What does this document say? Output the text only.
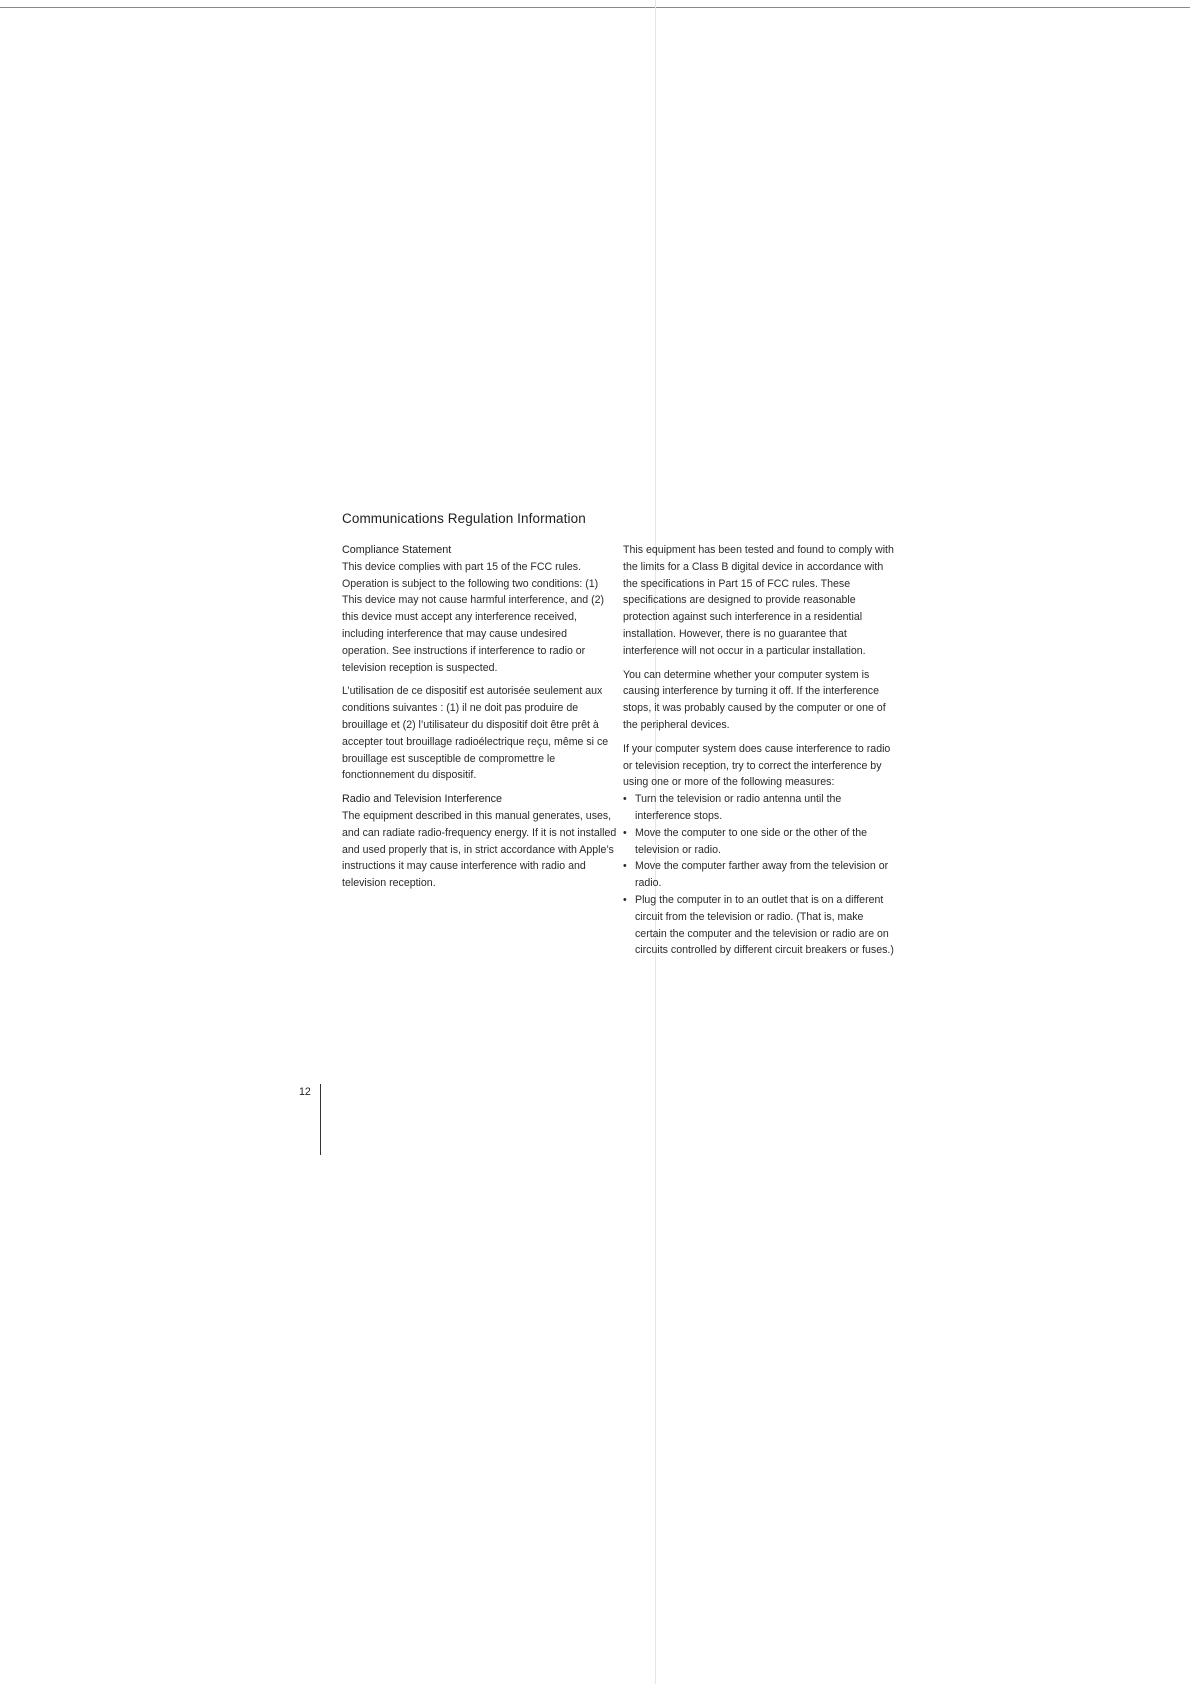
Communications Regulation Information

Compliance Statement

This device complies with part 15 of the FCC rules. Operation is subject to the following two conditions: (1) This device may not cause harmful interference, and (2) this device must accept any interference received, including interference that may cause undesired operation. See instructions if interference to radio or television reception is suspected.

L’utilisation de ce dispositif est autorisée seulement aux conditions suivantes : (1) il ne doit pas produire de brouillage et (2) l’utilisateur du dispositif doit être prêt à accepter tout brouillage radioélectrique reçu, même si ce brouillage est susceptible de compromettre le fonctionnement du dispositif.

Radio and Television Interference

The equipment described in this manual generates, uses, and can radiate radio-frequency energy. If it is not installed and used properly that is, in strict accordance with Apple’s instructions it may cause interference with radio and television reception.

This equipment has been tested and found to comply with the limits for a Class B digital device in accordance with the specifications in Part 15 of FCC rules. These specifications are designed to provide reasonable protection against such interference in a residential installation. However, there is no guarantee that interference will not occur in a particular installation.

You can determine whether your computer system is causing interference by turning it off. If the interference stops, it was probably caused by the computer or one of the peripheral devices.

If your computer system does cause interference to radio or television reception, try to correct the interference by using one or more of the following measures:

• Turn the television or radio antenna until the interference stops.
• Move the computer to one side or the other of the television or radio.
• Move the computer farther away from the television or radio.
• Plug the computer in to an outlet that is on a different circuit from the television or radio. (That is, make certain the computer and the television or radio are on circuits controlled by different circuit breakers or fuses.)
12
